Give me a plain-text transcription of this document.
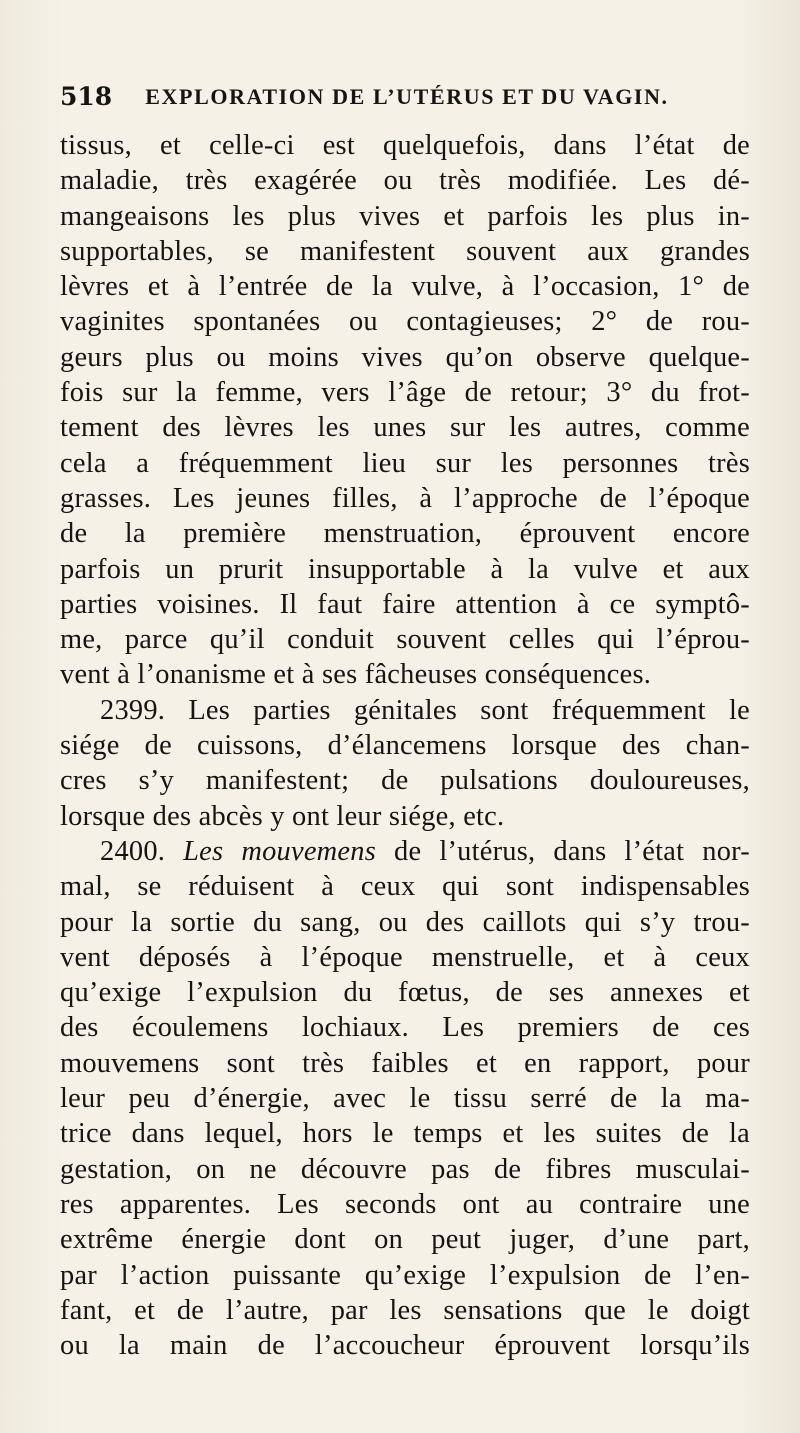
518 EXPLORATION DE L’UTÉRUS ET DU VAGIN.
tissus, et celle-ci est quelquefois, dans l’état de
maladie, très exagérée ou très modifiée. Les dé-
mangeaisons les plus vives et parfois les plus in-
supportables, se manifestent souvent aux grandes
lèvres et à l’entrée de la vulve, à l’occasion, 1° de
vaginites spontanées ou contagieuses; 2° de rou-
geurs plus ou moins vives qu’on observe quelque-
fois sur la femme, vers l’âge de retour; 3° du frot-
tement des lèvres les unes sur les autres, comme
cela a fréquemment lieu sur les personnes très
grasses. Les jeunes filles, à l’approche de l’époque
de la première menstruation, éprouvent encore
parfois un prurit insupportable à la vulve et aux
parties voisines. Il faut faire attention à ce symptô-
me, parce qu’il conduit souvent celles qui l’éprou-
vent à l’onanisme et à ses fâcheuses conséquences.
2399. Les parties génitales sont fréquemment le
siége de cuissons, d’élancemens lorsque des chan-
cres s’y manifestent; de pulsations douloureuses,
lorsque des abcès y ont leur siége, etc.
2400. Les mouvemens de l’utérus, dans l’état nor-
mal, se réduisent à ceux qui sont indispensables
pour la sortie du sang, ou des caillots qui s’y trou-
vent déposés à l’époque menstruelle, et à ceux
qu’exige l’expulsion du fœtus, de ses annexes et
des écoulemens lochiaux. Les premiers de ces
mouvemens sont très faibles et en rapport, pour
leur peu d’énergie, avec le tissu serré de la ma-
trice dans lequel, hors le temps et les suites de la
gestation, on ne découvre pas de fibres musculai-
res apparentes. Les seconds ont au contraire une
extrême énergie dont on peut juger, d’une part,
par l’action puissante qu’exige l’expulsion de l’en-
fant, et de l’autre, par les sensations que le doigt
ou la main de l’accoucheur éprouvent lorsqu’ils
